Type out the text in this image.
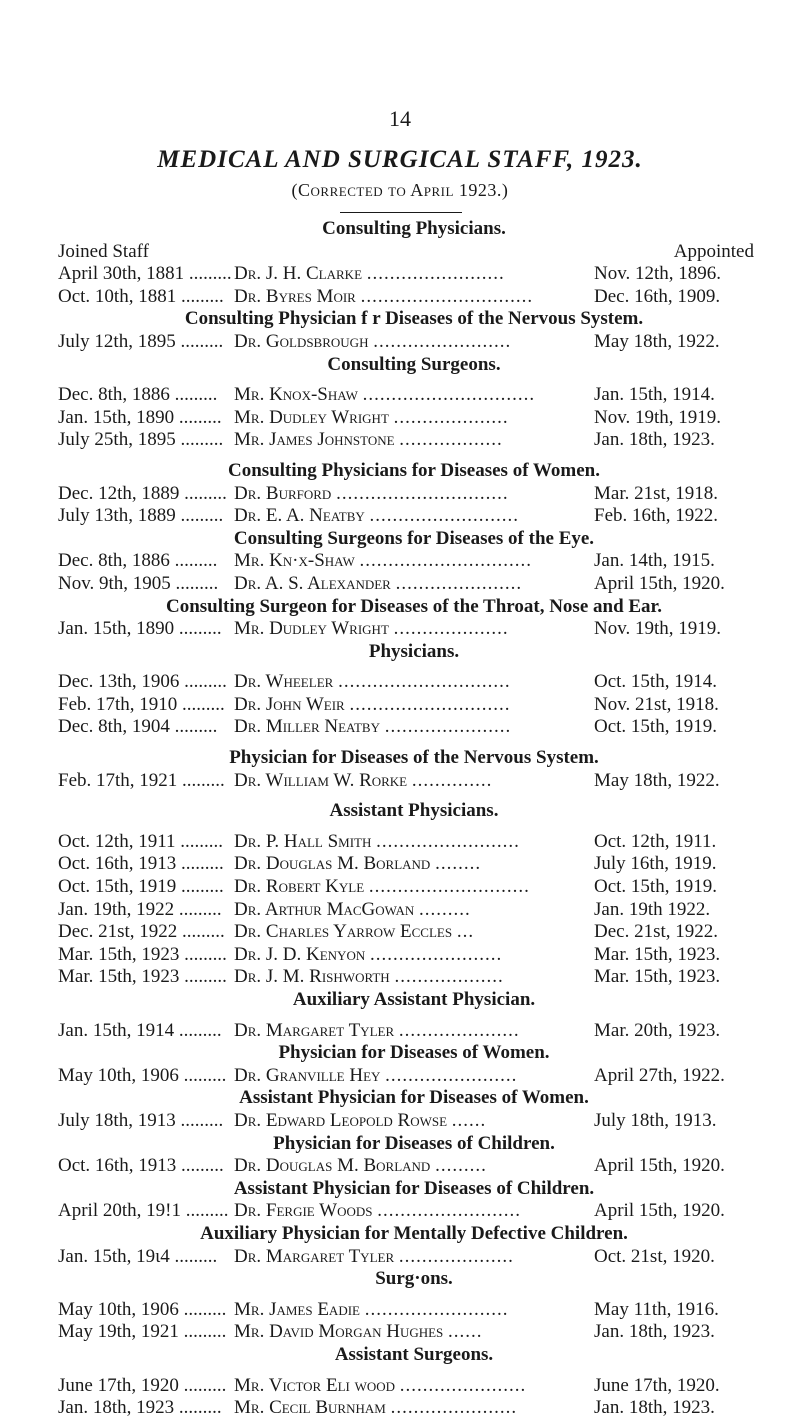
14
MEDICAL AND SURGICAL STAFF, 1923.
(Corrected to April 1923.)
Consulting Physicians.
Joined Staff	Appointed
April 30th, 1881 ......... Dr. J. H. Clarke ........................	Nov. 12th, 1896.
Oct. 10th, 1881 ......... Dr. Byres Moir ..............................	Dec. 16th, 1909.
Consulting Physician f r Diseases of the Nervous System.
July 12th, 1895 ......... Dr. Goldsbrough ........................	May 18th, 1922.
Consulting Surgeons.
Dec. 8th, 1886 ......... Mr. Knox-Shaw ..............................	Jan. 15th, 1914.
Jan. 15th, 1890 ......... Mr. Dudley Wright ....................	Nov. 19th, 1919.
July 25th, 1895 ......... Mr. James Johnstone ..................	Jan. 18th, 1923.
Consulting Physicians for Diseases of Women.
Dec. 12th, 1889 ......... Dr. Burford ..............................	Mar. 21st, 1918.
July 13th, 1889 ......... Dr. E. A. Neatby ..........................	Feb. 16th, 1922.
Consulting Surgeons for Diseases of the Eye.
Dec. 8th, 1886 ......... Mr. Kn·x-Shaw ..............................	Jan. 14th, 1915.
Nov. 9th, 1905 ......... Dr. A. S. Alexander ......................	April 15th, 1920.
Consulting Surgeon for Diseases of the Throat, Nose and Ear.
Jan. 15th, 1890 ......... Mr. Dudley Wright ....................	Nov. 19th, 1919.
Physicians.
Dec. 13th, 1906 ......... Dr. Wheeler ..............................	Oct. 15th, 1914.
Feb. 17th, 1910 ......... Dr. John Weir ............................	Nov. 21st, 1918.
Dec. 8th, 1904 ......... Dr. Miller Neatby ......................	Oct. 15th, 1919.
Physician for Diseases of the Nervous System.
Feb. 17th, 1921 ......... Dr. William W. Rorke ..............	May 18th, 1922.
Assistant Physicians.
Oct. 12th, 1911 ......... Dr. P. Hall Smith .........................	Oct. 12th, 1911.
Oct. 16th, 1913 ......... Dr. Douglas M. Borland ........	July 16th, 1919.
Oct. 15th, 1919 ......... Dr. Robert Kyle ............................	Oct. 15th, 1919.
Jan. 19th, 1922 ......... Dr. Arthur MacGowan .........	Jan. 19th 1922.
Dec. 21st, 1922 ......... Dr. Charles Yarrow Eccles ...	Dec. 21st, 1922.
Mar. 15th, 1923 ......... Dr. J. D. Kenyon .......................	Mar. 15th, 1923.
Mar. 15th, 1923 ......... Dr. J. M. Rishworth ...................	Mar. 15th, 1923.
Auxiliary Assistant Physician.
Jan. 15th, 1914 ......... Dr. Margaret Tyler .....................	Mar. 20th, 1923.
Physician for Diseases of Women.
May 10th, 1906 ......... Dr. Granville Hey .......................	April 27th, 1922.
Assistant Physician for Diseases of Women.
July 18th, 1913 ......... Dr. Edward Leopold Rowse ......	July 18th, 1913.
Physician for Diseases of Children.
Oct. 16th, 1913 ......... Dr. Douglas M. Borland .........	April 15th, 1920.
Assistant Physician for Diseases of Children.
April 20th, 19!1 ......... Dr. Fergie Woods .........................	April 15th, 1920.
Auxiliary Physician for Mentally Defective Children.
Jan. 15th, 19ι4 ......... Dr. Margaret Tyler ....................	Oct. 21st, 1920.
Surg·ons.
May 10th, 1906 ......... Mr. James Eadie .........................	May 11th, 1916.
May 19th, 1921 ......... Mr. David Morgan Hughes ......	Jan. 18th, 1923.
Assistant Surgeons.
June 17th, 1920 ......... Mr. Victor Eli wood ......................	June 17th, 1920.
Jan. 18th, 1923 ......... Mr. Cecil Burnham ......................	Jan. 18th, 1923.
